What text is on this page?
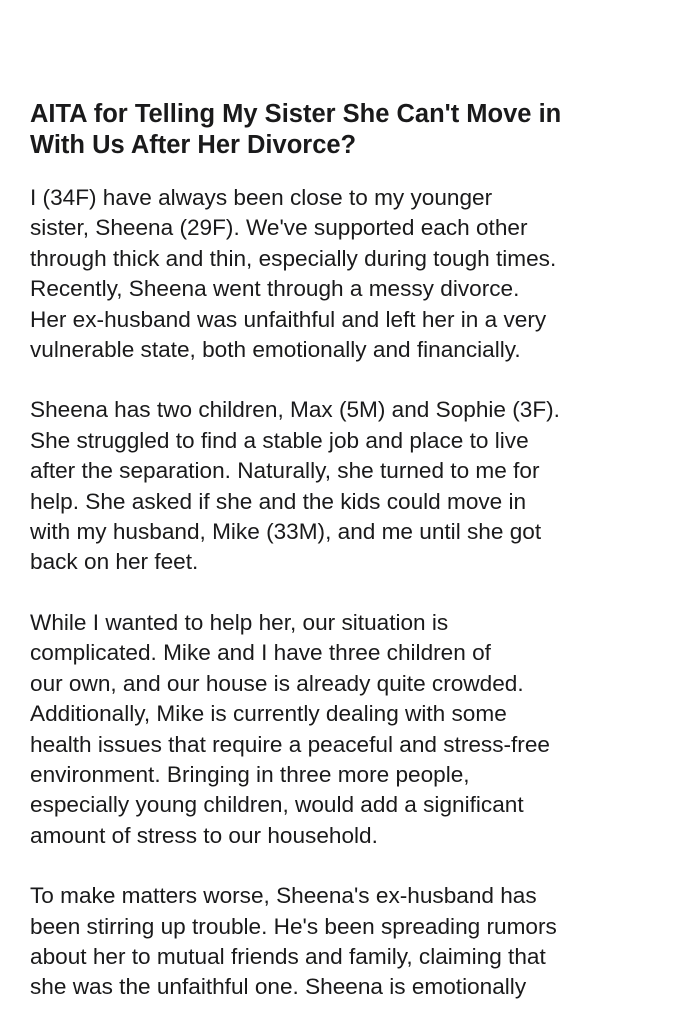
AITA for Telling My Sister She Can't Move in
With Us After Her Divorce?

I (34F) have always been close to my younger
sister, Sheena (29F). We've supported each other
through thick and thin, especially during tough times.
Recently, Sheena went through a messy divorce.
Her ex-husband was unfaithful and left her in a very
vulnerable state, both emotionally and financially.

Sheena has two children, Max (5M) and Sophie (3F).
She struggled to find a stable job and place to live
after the separation. Naturally, she turned to me for
help. She asked if she and the kids could move in
with my husband, Mike (33M), and me until she got
back on her feet.

While I wanted to help her, our situation is
complicated. Mike and I have three children of
our own, and our house is already quite crowded.
Additionally, Mike is currently dealing with some
health issues that require a peaceful and stress-free
environment. Bringing in three more people,
especially young children, would add a significant
amount of stress to our household.

To make matters worse, Sheena's ex-husband has
been stirring up trouble. He's been spreading rumors
about her to mutual friends and family, claiming that
she was the unfaithful one. Sheena is emotionally
